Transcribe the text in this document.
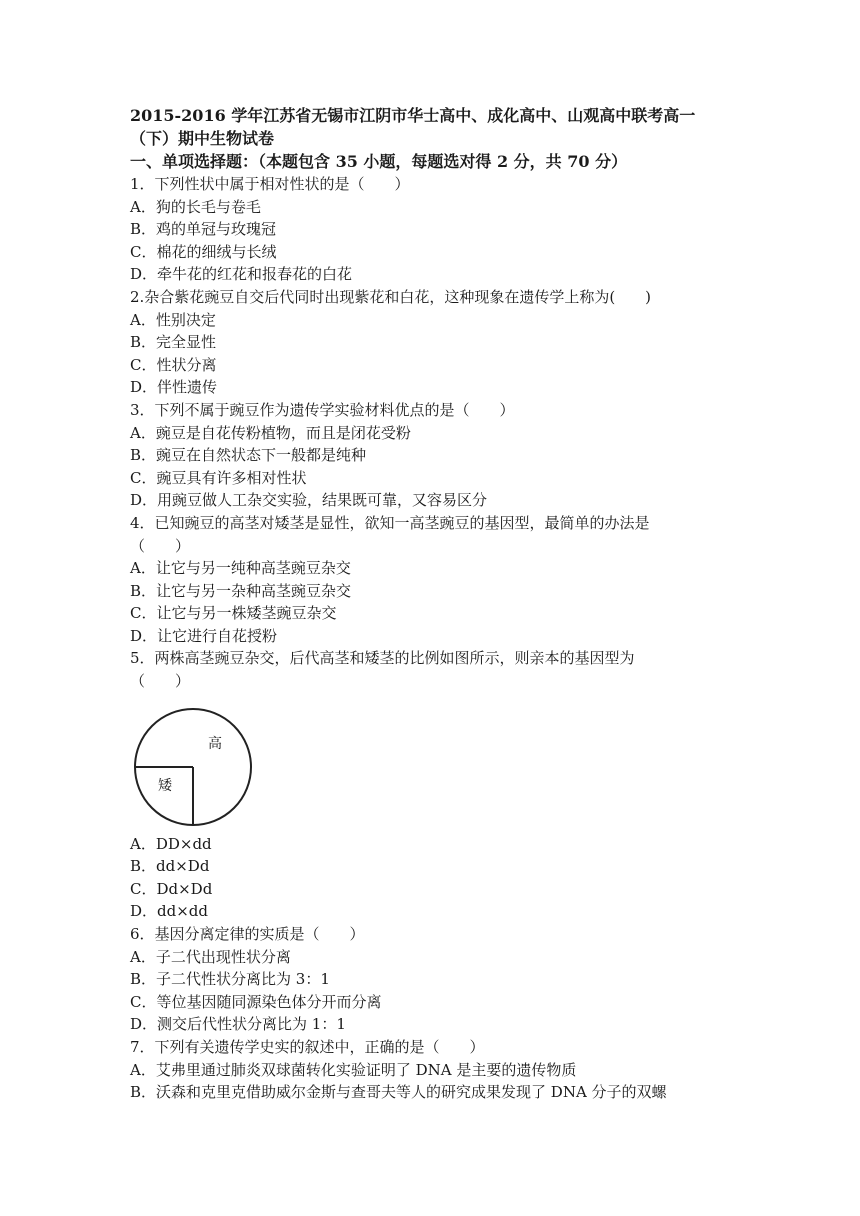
2015-2016 学年江苏省无锡市江阴市华士高中、成化高中、山观高中联考高一

（下）期中生物试卷

一、单项选择题：（本题包含 35 小题，每题选对得 2 分，共 70 分）

1．下列性状中属于相对性状的是（　　）

A．狗的长毛与卷毛

B．鸡的单冠与玫瑰冠

C．棉花的细绒与长绒

D．牵牛花的红花和报春花的白花

2.杂合紫花豌豆自交后代同时出现紫花和白花，这种现象在遗传学上称为(　　)

A．性别决定

B．完全显性

C．性状分离

D．伴性遗传

3．下列不属于豌豆作为遗传学实验材料优点的是（　　）

A．豌豆是自花传粉植物，而且是闭花受粉

B．豌豆在自然状态下一般都是纯种

C．豌豆具有许多相对性状

D．用豌豆做人工杂交实验，结果既可靠，又容易区分

4．已知豌豆的高茎对矮茎是显性，欲知一高茎豌豆的基因型，最简单的办法是

（　　）

A．让它与另一纯种高茎豌豆杂交

B．让它与另一杂种高茎豌豆杂交

C．让它与另一株矮茎豌豆杂交

D．让它进行自花授粉

5．两株高茎豌豆杂交，后代高茎和矮茎的比例如图所示，则亲本的基因型为

（　　）

高
矮

A．DD×dd

B．dd×Dd

C．Dd×Dd

D．dd×dd

6．基因分离定律的实质是（　　）

A．子二代出现性状分离

B．子二代性状分离比为 3：1

C．等位基因随同源染色体分开而分离

D．测交后代性状分离比为 1：1

7．下列有关遗传学史实的叙述中，正确的是（　　）

A．艾弗里通过肺炎双球菌转化实验证明了 DNA 是主要的遗传物质

B．沃森和克里克借助威尔金斯与查哥夫等人的研究成果发现了 DNA 分子的双螺
